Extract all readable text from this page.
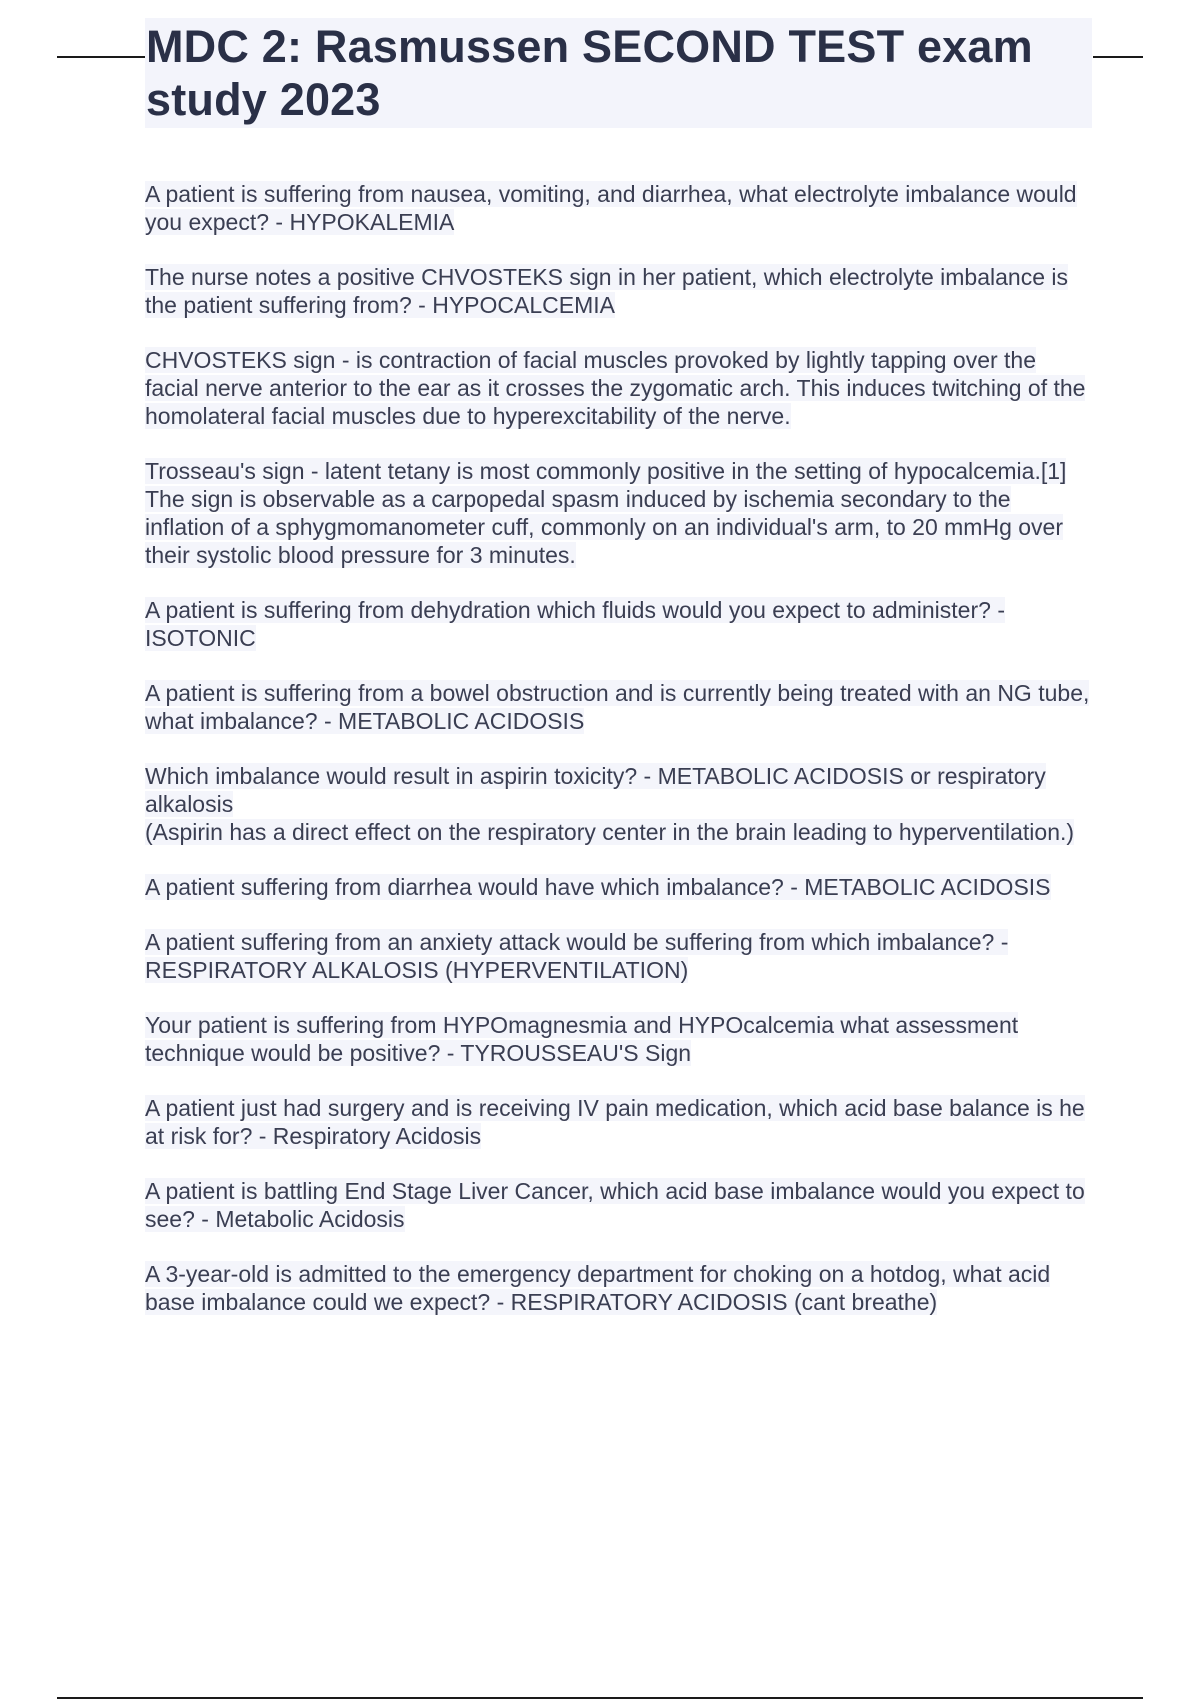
MDC 2: Rasmussen SECOND TEST exam study 2023

A patient is suffering from nausea, vomiting, and diarrhea, what electrolyte imbalance would you expect? - HYPOKALEMIA

The nurse notes a positive CHVOSTEKS sign in her patient, which electrolyte imbalance is the patient suffering from? - HYPOCALCEMIA

CHVOSTEKS sign - is contraction of facial muscles provoked by lightly tapping over the facial nerve anterior to the ear as it crosses the zygomatic arch. This induces twitching of the homolateral facial muscles due to hyperexcitability of the nerve.

Trosseau's sign - latent tetany is most commonly positive in the setting of hypocalcemia.[1] The sign is observable as a carpopedal spasm induced by ischemia secondary to the inflation of a sphygmomanometer cuff, commonly on an individual's arm, to 20 mmHg over their systolic blood pressure for 3 minutes.

A patient is suffering from dehydration which fluids would you expect to administer? - ISOTONIC

A patient is suffering from a bowel obstruction and is currently being treated with an NG tube, what imbalance? - METABOLIC ACIDOSIS

Which imbalance would result in aspirin toxicity? - METABOLIC ACIDOSIS or respiratory alkalosis
(Aspirin has a direct effect on the respiratory center in the brain leading to hyperventilation.)

A patient suffering from diarrhea would have which imbalance? - METABOLIC ACIDOSIS

A patient suffering from an anxiety attack would be suffering from which imbalance? - RESPIRATORY ALKALOSIS (HYPERVENTILATION)

Your patient is suffering from HYPOmagnesmia and HYPOcalcemia what assessment technique would be positive? - TYROUSSEAU'S Sign

A patient just had surgery and is receiving IV pain medication, which acid base balance is he at risk for? - Respiratory Acidosis

A patient is battling End Stage Liver Cancer, which acid base imbalance would you expect to see? - Metabolic Acidosis

A 3-year-old is admitted to the emergency department for choking on a hotdog, what acid base imbalance could we expect? - RESPIRATORY ACIDOSIS (cant breathe)
